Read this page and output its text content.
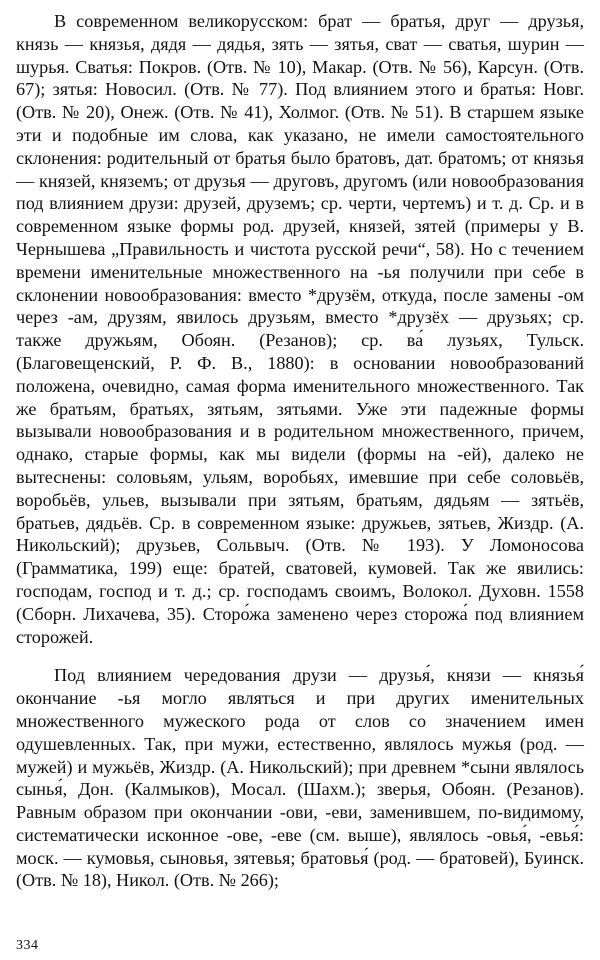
В современном великорусском: брат — братья, друг — друзья, князь — князья, дядя — дядья, зять — зятья, сват — сватья, шурин — шурья. Сватья: Покров. (Отв. № 10), Макар. (Отв. № 56), Карсун. (Отв. 67); зятья: Новосил. (Отв. № 77). Под влиянием этого и братья: Новг. (Отв. № 20), Онеж. (Отв. № 41), Холмог. (Отв. № 51). В старшем языке эти и подобные им слова, как указано, не имели самостоятельного склонения: родительный от братья было братовъ, дат. братомъ; от князья — князей, княземъ; от друзья — друговъ, другомъ (или новообразования под влиянием друзи: друзей, друземъ; ср. черти, чертемъ) и т. д. Ср. и в современном языке формы род. друзей, князей, зятей (примеры у В. Чернышева „Правильность и чистота русской речи“, 58). Но с течением времени именительные множественного на -ья получили при себе в склонении новообразования: вместо *друзём, откуда, после замены -ом через -ам, друзям, явилось друзьям, вместо *друзёх — друзьях; ср. также дружьям, Обоян. (Резанов); ср. ва́ лузьях, Тульск. (Благовещенский, Р. Ф. В., 1880): в основании новообразований положена, очевидно, самая форма именительного множественного. Так же братьям, братьях, зятьям, зятьями. Уже эти падежные формы вызывали новообразования и в родительном множественного, причем, однако, старые формы, как мы видели (формы на -ей), далеко не вытеснены: соловьям, ульям, воробьях, имевшие при себе соловьёв, воробьёв, ульев, вызывали при зятьям, братьям, дядьям — зятьёв, братьев, дядьёв. Ср. в современном языке: дружьев, зятьев, Жиздр. (А. Никольский); друзьев, Сольвыч. (Отв. № 193). У Ломоносова (Грамматика, 199) еще: братей, сватовей, кумовей. Так же явились: господам, господ и т. д.; ср. господамъ своимъ, Волокол. Духовн. 1558 (Сборн. Лихачева, 35). Сторо́жа заменено через сторожа́ под влиянием сторожей.

Под влиянием чередования друзи — друзья́, князи — князья́ окончание -ья могло являться и при других именительных множественного мужеского рода от слов со значением имен одушевленных. Так, при мужи, естественно, являлось мужья (род. — мужей) и мужьёв, Жиздр. (А. Никольский); при древнем *сыни являлось сынья́, Дон. (Калмыков), Мосал. (Шахм.); зверья, Обоян. (Резанов). Равным образом при окончании -ови, -еви, заменившем, по-видимому, систематически исконное -ове, -еве (см. выше), являлось -овья́, -евья́: моск. — кумовья, сыновья, зятевья; братовья́ (род. — братовей), Буинск. (Отв. № 18), Никол. (Отв. № 266);

334
